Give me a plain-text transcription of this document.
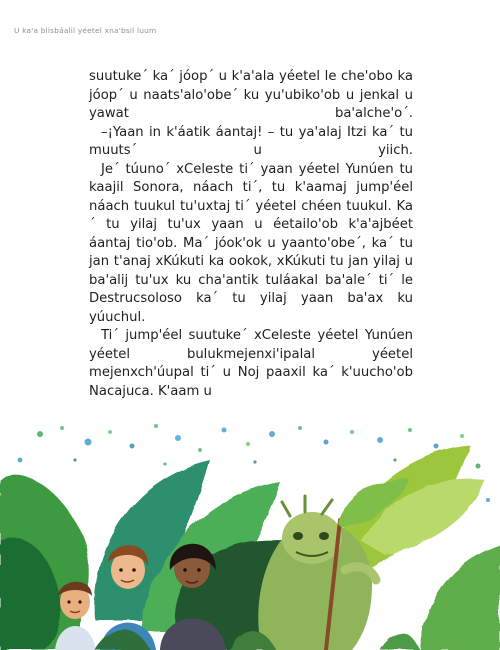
U ka'a blisbáalil yéetel xna'bsil luum

suutuke´ ka´ jóop´ u k'a'ala yéetel le che'obo ka jóop´ u naats'alo'obe´ ku yu'ubiko'ob u jenkal u yawat ba'alche'o´.

–¡Yaan in k'áatik áantaj! – tu ya'alaj Itzi ka´ tu muuts´ u yiich.

Je´ túuno´ xCeleste ti´ yaan yéetel Yunúen tu kaajil Sonora, náach ti´, tu k'aamaj jump'éel náach tuukul tu'uxtaj ti´ yéetel chéen tuukul. Ka´ tu yilaj tu'ux yaan u éetailo'ob k'a'ajbéet áantaj tio'ob. Ma´ jóok'ok u yaanto'obe´, ka´ tu jan t'anaj xKúkuti ka ookok, xKúkuti tu jan yilaj u ba'alij tu'ux ku cha'antik tuláakal ba'ale´ ti´ le Destrucsoloso ka´ tu yilaj yaan ba'ax ku yúuchul.

Ti´ jump'éel suutuke´ xCeleste yéetel Yunúen yéetel bulukmejenxi'ipalal yéetel mejenxch'úupal ti´ u Noj paaxil ka´ k'uucho'ob Nacajuca. K'aam u
